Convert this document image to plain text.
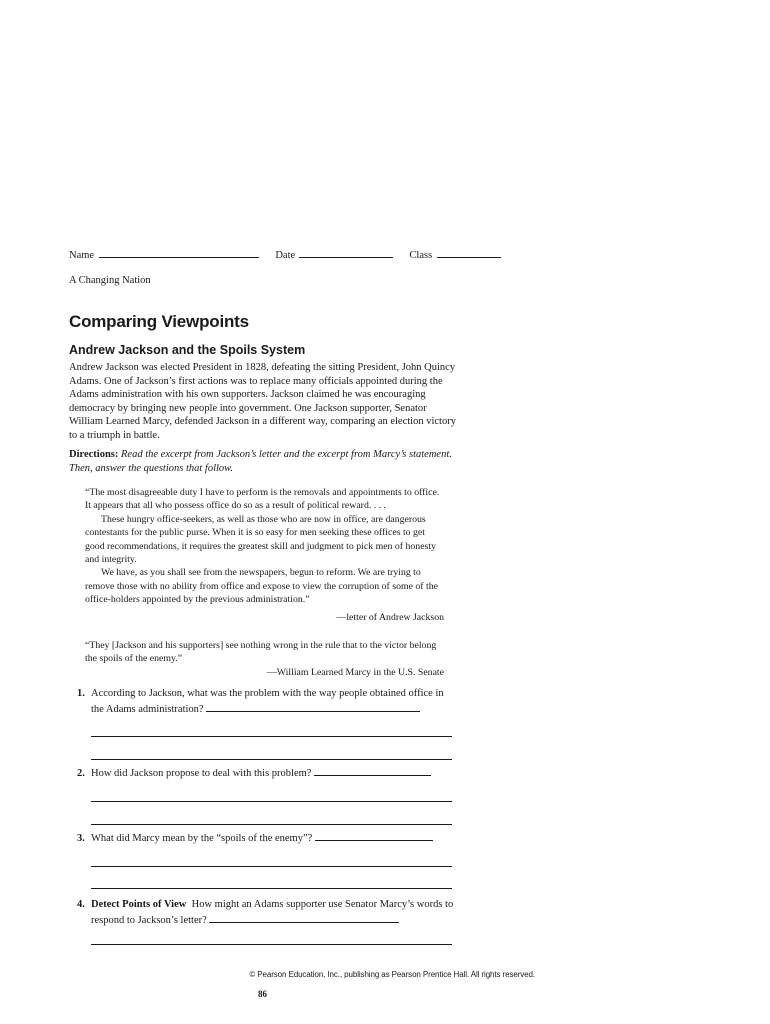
Name	Date	Class
A Changing Nation
Comparing Viewpoints
Andrew Jackson and the Spoils System
Andrew Jackson was elected President in 1828, defeating the sitting President, John Quincy Adams. One of Jackson’s first actions was to replace many officials appointed during the Adams administration with his own supporters. Jackson claimed he was encouraging democracy by bringing new people into government. One Jackson supporter, Senator William Learned Marcy, defended Jackson in a different way, comparing an election victory to a triumph in battle.
Directions: Read the excerpt from Jackson’s letter and the excerpt from Marcy’s statement. Then, answer the questions that follow.

“The most disagreeable duty I have to perform is the removals and appointments to office. It appears that all who possess office do so as a result of political reward. . . .

These hungry office-seekers, as well as those who are now in office, are dangerous contestants for the public purse. When it is so easy for men seeking these offices to get good recommendations, it requires the greatest skill and judgment to pick men of honesty and integrity.

We have, as you shall see from the newspapers, begun to reform. We are trying to remove those with no ability from office and expose to view the corruption of some of the office-holders appointed by the previous administration.”

—letter of Andrew Jackson
“They [Jackson and his supporters] see nothing wrong in the rule that to the victor belong the spoils of the enemy.”
—William Learned Marcy in the U.S. Senate
1. According to Jackson, what was the problem with the way people obtained office in the Adams administration?
2. How did Jackson propose to deal with this problem?
3. What did Marcy mean by the “spoils of the enemy”?
4. Detect Points of View How might an Adams supporter use Senator Marcy’s words to respond to Jackson’s letter?
© Pearson Education, Inc., publishing as Pearson Prentice Hall. All rights reserved.
86
